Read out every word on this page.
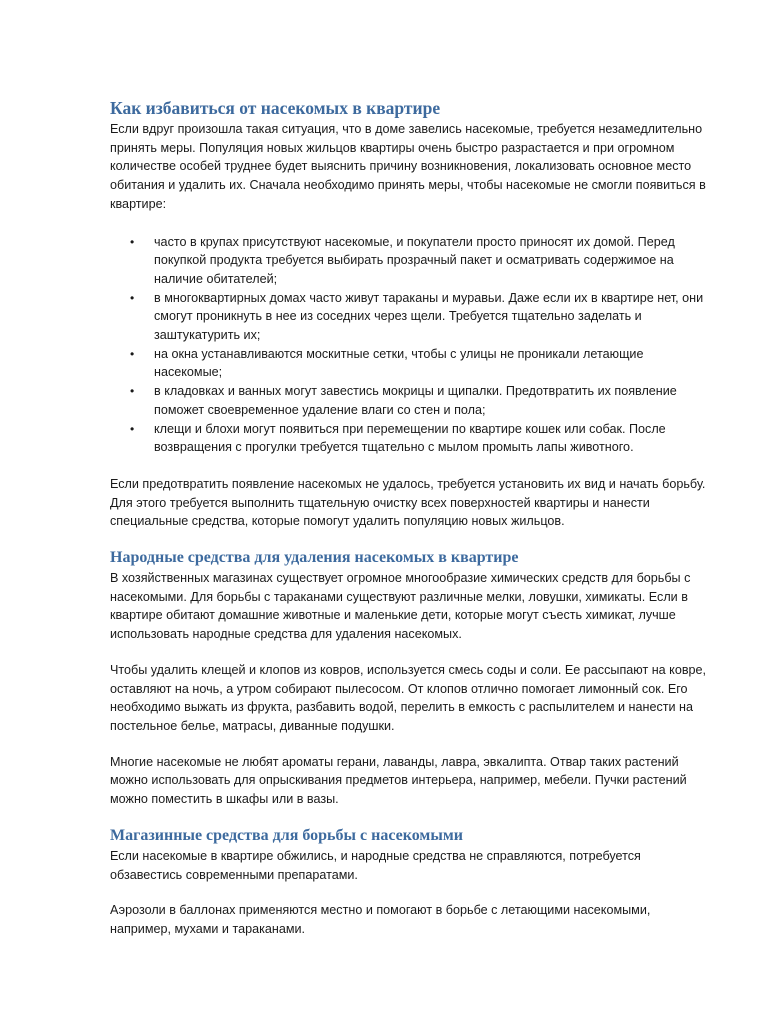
Как избавиться от насекомых в квартире

Если вдруг произошла такая ситуация, что в доме завелись насекомые, требуется незамедлительно принять меры. Популяция новых жильцов квартиры очень быстро разрастается и при огромном количестве особей труднее будет выяснить причину возникновения, локализовать основное место обитания и удалить их. Сначала необходимо принять меры, чтобы насекомые не смогли появиться в квартире:

• часто в крупах присутствуют насекомые, и покупатели просто приносят их домой. Перед покупкой продукта требуется выбирать прозрачный пакет и осматривать содержимое на наличие обитателей;
• в многоквартирных домах часто живут тараканы и муравьи. Даже если их в квартире нет, они смогут проникнуть в нее из соседних через щели. Требуется тщательно заделать и заштукатурить их;
• на окна устанавливаются москитные сетки, чтобы с улицы не проникали летающие насекомые;
• в кладовках и ванных могут завестись мокрицы и щипалки. Предотвратить их появление поможет своевременное удаление влаги со стен и пола;
• клещи и блохи могут появиться при перемещении по квартире кошек или собак. После возвращения с прогулки требуется тщательно с мылом промыть лапы животного.

Если предотвратить появление насекомых не удалось, требуется установить их вид и начать борьбу. Для этого требуется выполнить тщательную очистку всех поверхностей квартиры и нанести специальные средства, которые помогут удалить популяцию новых жильцов.

Народные средства для удаления насекомых в квартире

В хозяйственных магазинах существует огромное многообразие химических средств для борьбы с насекомыми. Для борьбы с тараканами существуют различные мелки, ловушки, химикаты. Если в квартире обитают домашние животные и маленькие дети, которые могут съесть химикат, лучше использовать народные средства для удаления насекомых.

Чтобы удалить клещей и клопов из ковров, используется смесь соды и соли. Ее рассыпают на ковре, оставляют на ночь, а утром собирают пылесосом. От клопов отлично помогает лимонный сок. Его необходимо выжать из фрукта, разбавить водой, перелить в емкость с распылителем и нанести на постельное белье, матрасы, диванные подушки.

Многие насекомые не любят ароматы герани, лаванды, лавра, эвкалипта. Отвар таких растений можно использовать для опрыскивания предметов интерьера, например, мебели. Пучки растений можно поместить в шкафы или в вазы.

Магазинные средства для борьбы с насекомыми

Если насекомые в квартире обжились, и народные средства не справляются, потребуется обзавестись современными препаратами.

Аэрозоли в баллонах применяются местно и помогают в борьбе с летающими насекомыми, например, мухами и тараканами.
